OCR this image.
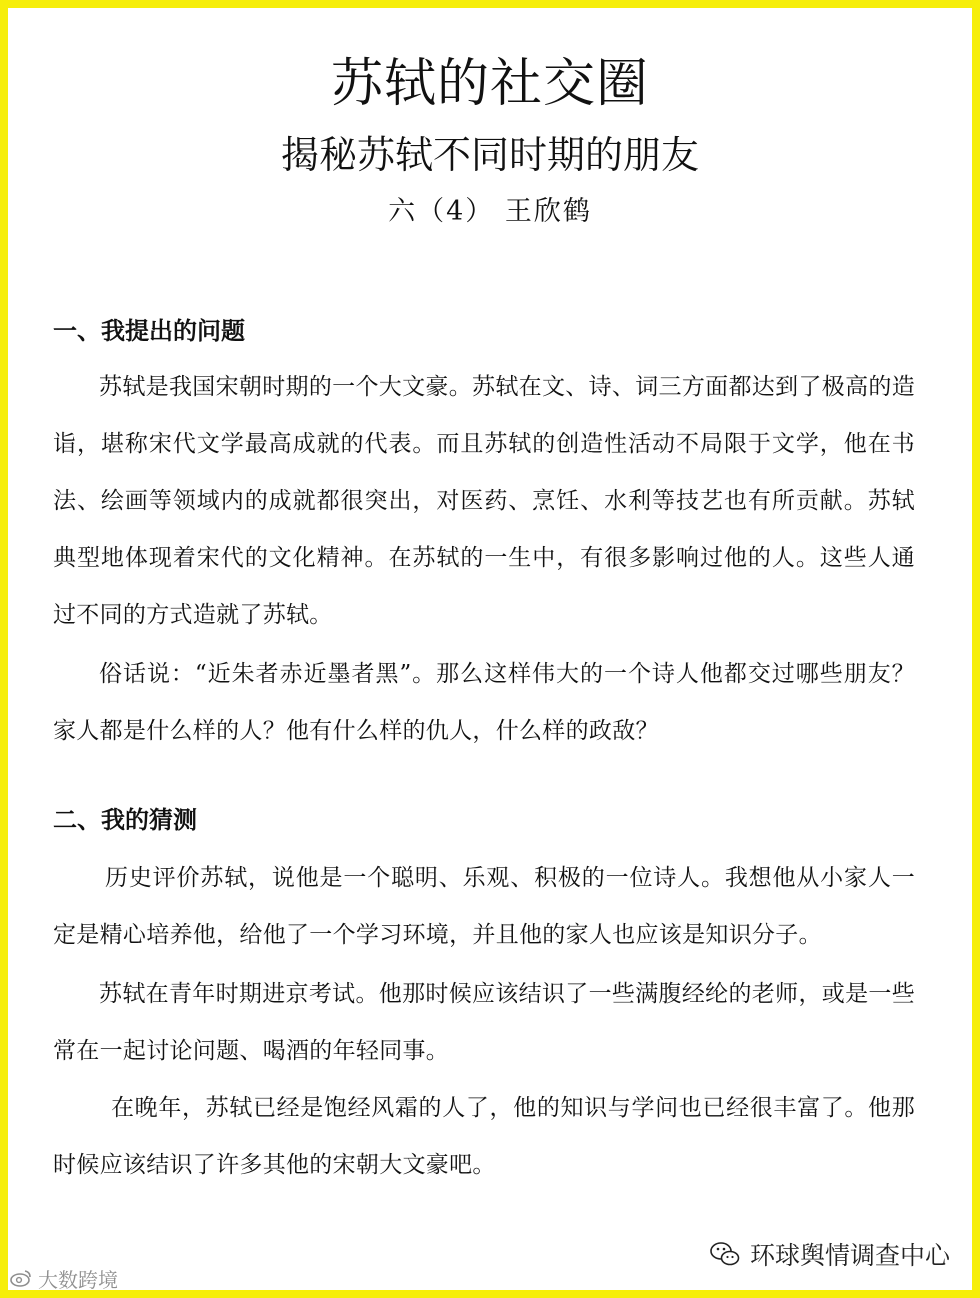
苏轼的社交圈
揭秘苏轼不同时期的朋友
六（4） 王欣鹤
一、我提出的问题
苏轼是我国宋朝时期的一个大文豪。苏轼在文、诗、词三方面都达到了极高的造诣，堪称宋代文学最高成就的代表。而且苏轼的创造性活动不局限于文学，他在书法、绘画等领域内的成就都很突出，对医药、烹饪、水利等技艺也有所贡献。苏轼典型地体现着宋代的文化精神。在苏轼的一生中，有很多影响过他的人。这些人通过不同的方式造就了苏轼。
俗话说：“近朱者赤近墨者黑”。那么这样伟大的一个诗人他都交过哪些朋友？家人都是什么样的人？他有什么样的仇人，什么样的政敌？
二、我的猜测
历史评价苏轼，说他是一个聪明、乐观、积极的一位诗人。我想他从小家人一定是精心培养他，给他了一个学习环境，并且他的家人也应该是知识分子。
苏轼在青年时期进京考试。他那时候应该结识了一些满腹经纶的老师，或是一些常在一起讨论问题、喝酒的年轻同事。
在晚年，苏轼已经是饱经风霜的人了，他的知识与学问也已经很丰富了。他那时候应该结识了许多其他的宋朝大文豪吧。
大数跨境
环球舆情调查中心
